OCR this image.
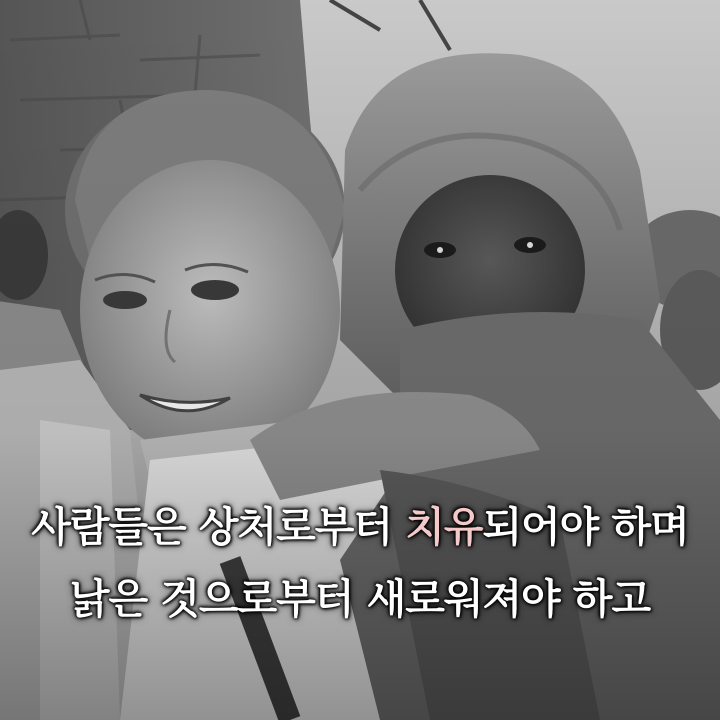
사람들은 상처로부터 치유되어야 하며
낡은 것으로부터 새로워져야 하고
